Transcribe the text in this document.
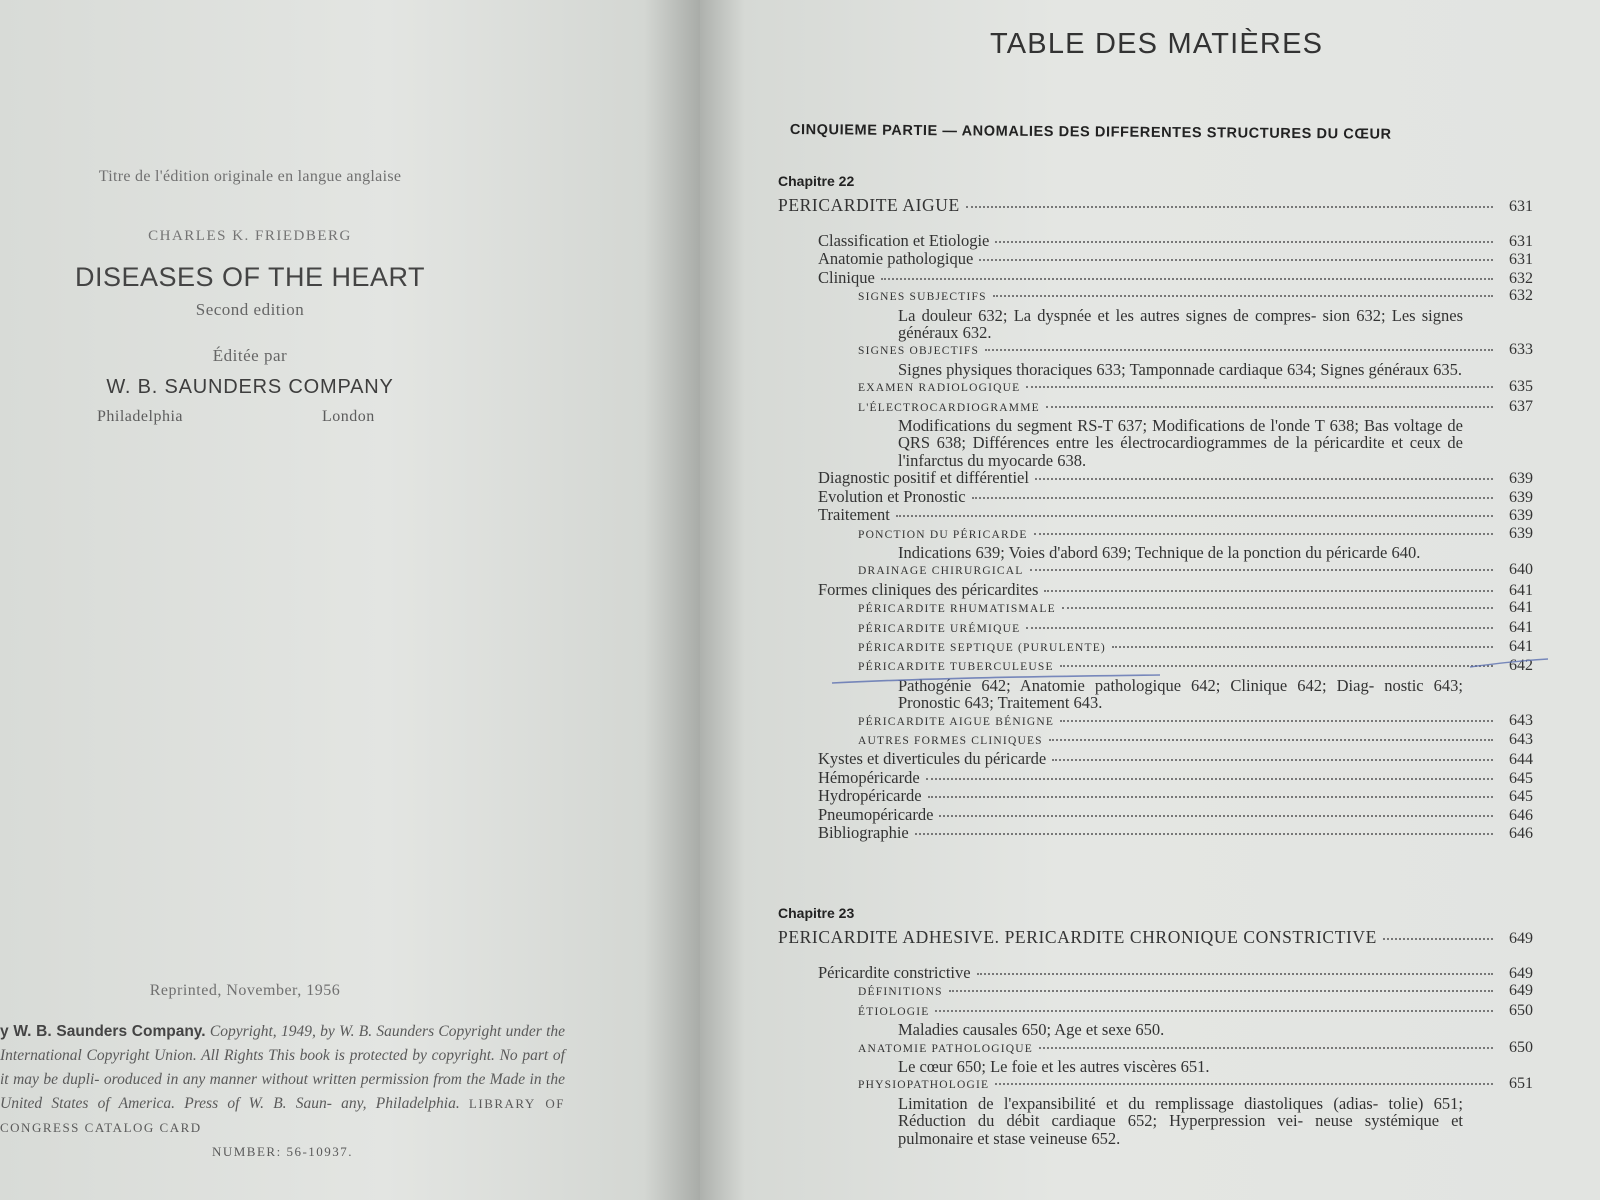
Titre de l'édition originale en langue anglaise
CHARLES K. FRIEDBERG
DISEASES OF THE HEART
Second edition
Éditée par
W. B. SAUNDERS COMPANY
Philadelphia	London
Reprinted, November, 1956
y W. B. Saunders Company. Copyright, 1949, by W. B. Saunders Copyright under the International Copyright Union. All Rights This book is protected by copyright. No part of it may be dupli- oroduced in any manner without written permission from the Made in the United States of America. Press of W. B. Saun- any, Philadelphia. LIBRARY OF CONGRESS CATALOG CARD
NUMBER: 56-10937.
TABLE DES MATIÈRES
CINQUIEME PARTIE — ANOMALIES DES DIFFERENTES STRUCTURES DU CŒUR
Chapitre 22
PERICARDITE AIGUE	631
Classification et Etiologie	631
Anatomie pathologique	631
Clinique	632
SIGNES SUBJECTIFS	632
La douleur 632; La dyspnée et les autres signes de compres- sion 632; Les signes généraux 632.
SIGNES OBJECTIFS	633
Signes physiques thoraciques 633; Tamponnade cardiaque 634; Signes généraux 635.
EXAMEN RADIOLOGIQUE	635
L'ÉLECTROCARDIOGRAMME	637
Modifications du segment RS-T 637; Modifications de l'onde T 638; Bas voltage de QRS 638; Différences entre les électrocardiogrammes de la péricardite et ceux de l'infarctus du myocarde 638.
Diagnostic positif et différentiel	639
Evolution et Pronostic	639
Traitement	639
PONCTION DU PÉRICARDE	639
Indications 639; Voies d'abord 639; Technique de la ponction du péricarde 640.
DRAINAGE CHIRURGICAL	640
Formes cliniques des péricardites	641
PÉRICARDITE RHUMATISMALE	641
PÉRICARDITE URÉMIQUE	641
PÉRICARDITE SEPTIQUE (PURULENTE)	641
PÉRICARDITE TUBERCULEUSE	642
Pathogénie 642; Anatomie pathologique 642; Clinique 642; Diag- nostic 643; Pronostic 643; Traitement 643.
PÉRICARDITE AIGUE BÉNIGNE	643
AUTRES FORMES CLINIQUES	643
Kystes et diverticules du péricarde	644
Hémopéricarde	645
Hydropéricarde	645
Pneumopéricarde	646
Bibliographie	646
Chapitre 23
PERICARDITE ADHESIVE. PERICARDITE CHRONIQUE CONSTRICTIVE	649
Péricardite constrictive	649
DÉFINITIONS	649
ÉTIOLOGIE	650
Maladies causales 650; Age et sexe 650.
ANATOMIE PATHOLOGIQUE	650
Le cœur 650; Le foie et les autres viscères 651.
PHYSIOPATHOLOGIE	651
Limitation de l'expansibilité et du remplissage diastoliques (adias- tolie) 651; Réduction du débit cardiaque 652; Hyperpression vei- neuse systémique et pulmonaire et stase veineuse 652.
